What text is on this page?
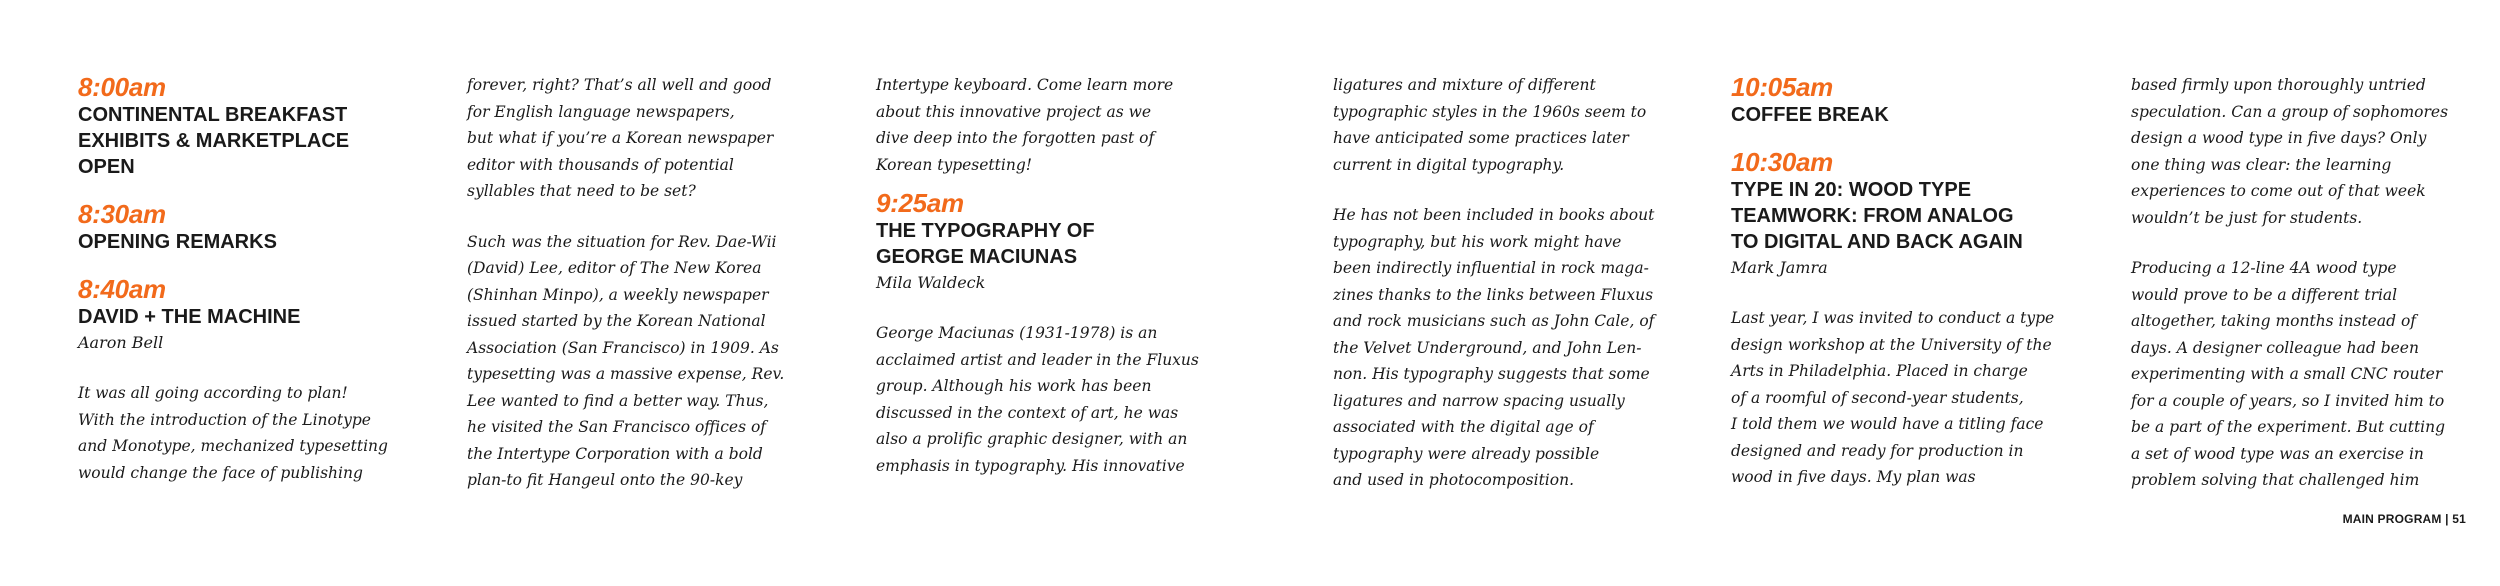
8:00am
CONTINENTAL BREAKFAST
EXHIBITS & MARKETPLACE
OPEN
8:30am
OPENING REMARKS
8:40am
DAVID + THE MACHINE
Aaron Bell

It was all going according to plan!
With the introduction of the Linotype
and Monotype, mechanized typesetting
would change the face of publishing

forever, right? That’s all well and good
for English language newspapers,
but what if you’re a Korean newspaper
editor with thousands of potential
syllables that need to be set?

Such was the situation for Rev. Dae-Wii
(David) Lee, editor of The New Korea
(Shinhan Minpo), a weekly newspaper
issued started by the Korean National
Association (San Francisco) in 1909. As
typesetting was a massive expense, Rev.
Lee wanted to find a better way. Thus,
he visited the San Francisco offices of
the Intertype Corporation with a bold
plan-to fit Hangeul onto the 90-key

Intertype keyboard. Come learn more
about this innovative project as we
dive deep into the forgotten past of
Korean typesetting!

9:25am
THE TYPOGRAPHY OF
GEORGE MACIUNAS
Mila Waldeck

George Maciunas (1931-1978) is an
acclaimed artist and leader in the Fluxus
group. Although his work has been
discussed in the context of art, he was
also a prolific graphic designer, with an
emphasis in typography. His innovative

ligatures and mixture of different
typographic styles in the 1960s seem to
have anticipated some practices later
current in digital typography.

He has not been included in books about
typography, but his work might have
been indirectly influential in rock maga-
zines thanks to the links between Fluxus
and rock musicians such as John Cale, of
the Velvet Underground, and John Len-
non. His typography suggests that some
ligatures and narrow spacing usually
associated with the digital age of
typography were already possible
and used in photocomposition.

10:05am
COFFEE BREAK
10:30am
TYPE IN 20: WOOD TYPE
TEAMWORK: FROM ANALOG
TO DIGITAL AND BACK AGAIN
Mark Jamra

Last year, I was invited to conduct a type
design workshop at the University of the
Arts in Philadelphia. Placed in charge
of a roomful of second-year students,
I told them we would have a titling face
designed and ready for production in
wood in five days. My plan was

based firmly upon thoroughly untried
speculation. Can a group of sophomores
design a wood type in five days? Only
one thing was clear: the learning
experiences to come out of that week
wouldn’t be just for students.

Producing a 12-line 4A wood type
would prove to be a different trial
altogether, taking months instead of
days. A designer colleague had been
experimenting with a small CNC router
for a couple of years, so I invited him to
be a part of the experiment. But cutting
a set of wood type was an exercise in
problem solving that challenged him

MAIN PROGRAM | 51
